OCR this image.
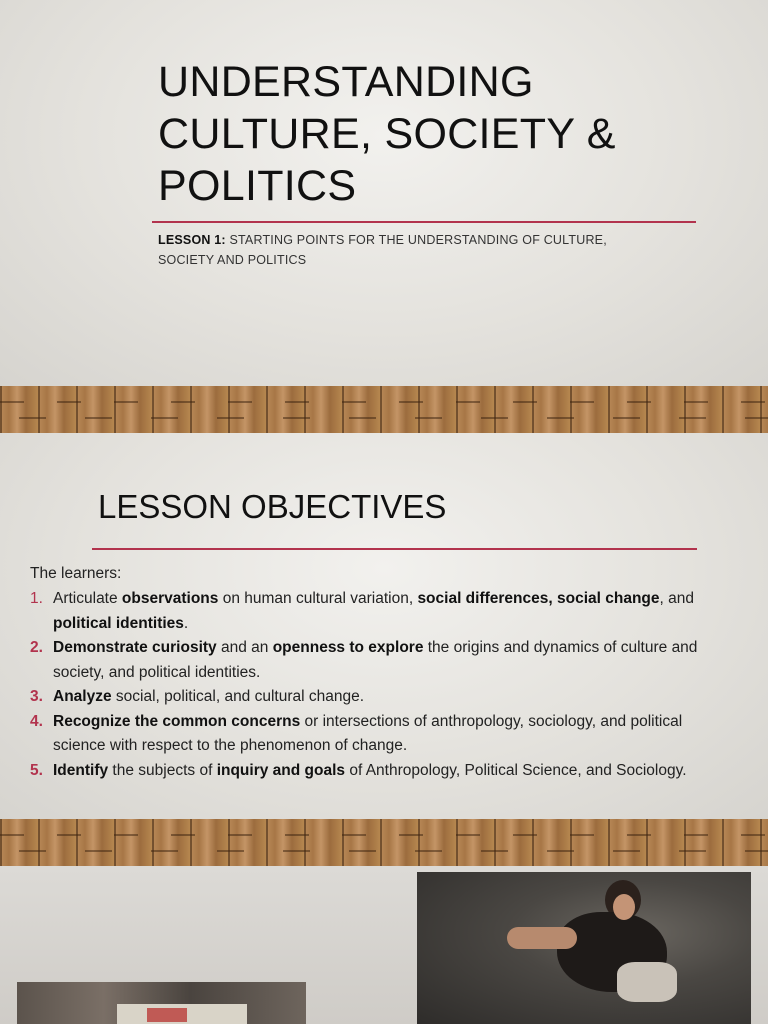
UNDERSTANDING
CULTURE, SOCIETY &
POLITICS
LESSON 1: STARTING POINTS FOR THE UNDERSTANDING OF CULTURE, SOCIETY AND POLITICS
LESSON OBJECTIVES
The learners:
1. Articulate observations on human cultural variation, social differences, social change, and political identities.
2. Demonstrate curiosity and an openness to explore the origins and dynamics of culture and society, and political identities.
3. Analyze social, political, and cultural change.
4. Recognize the common concerns or intersections of anthropology, sociology, and political science with respect to the phenomenon of change.
5. Identify the subjects of inquiry and goals of Anthropology, Political Science, and Sociology.
